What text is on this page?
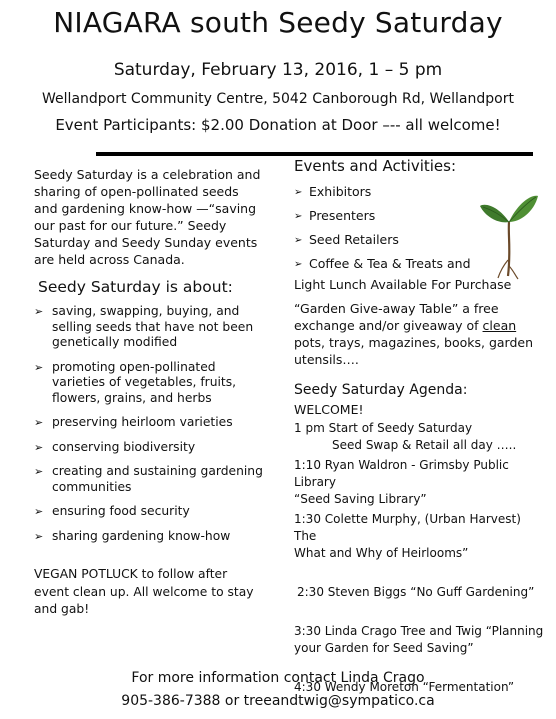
NIAGARA south Seedy Saturday
Saturday, February 13, 2016, 1 – 5 pm
Wellandport Community Centre, 5042 Canborough Rd, Wellandport
Event Participants: $2.00 Donation at Door –-- all welcome!

Seedy Saturday is a celebration and sharing of open-pollinated seeds and gardening know-how —“saving our past for our future.” Seedy Saturday and Seedy Sunday events are held across Canada.

Seedy Saturday is about:
➢ saving, swapping, buying, and selling seeds that have not been genetically modified
➢ promoting open-pollinated varieties of vegetables, fruits, flowers, grains, and herbs
➢ preserving heirloom varieties
➢ conserving biodiversity
➢ creating and sustaining gardening communities
➢ ensuring food security
➢ sharing gardening know-how
VEGAN POTLUCK to follow after event clean up. All welcome to stay and gab!
Events and Activities:
➢ Exhibitors
➢ Presenters
➢ Seed Retailers
➢ Coffee & Tea & Treats and
Light Lunch Available For Purchase
“Garden Give-away Table” a free exchange and/or giveaway of clean pots, trays, magazines, books, garden utensils….
Seedy Saturday Agenda:
WELCOME!
1 pm Start of Seedy Saturday
Seed Swap & Retail all day …..
1:10 Ryan Waldron - Grimsby Public Library
“Seed Saving Library”
1:30 Colette Murphy, (Urban Harvest) The
What and Why of Heirlooms”
2:30 Steven Biggs “No Guff Gardening”
3:30 Linda Crago Tree and Twig “Planning
your Garden for Seed Saving”
4:30 Wendy Moreton “Fermentation”
For more information contact Linda Crago
905-386-7388 or treeandtwig@sympatico.ca
